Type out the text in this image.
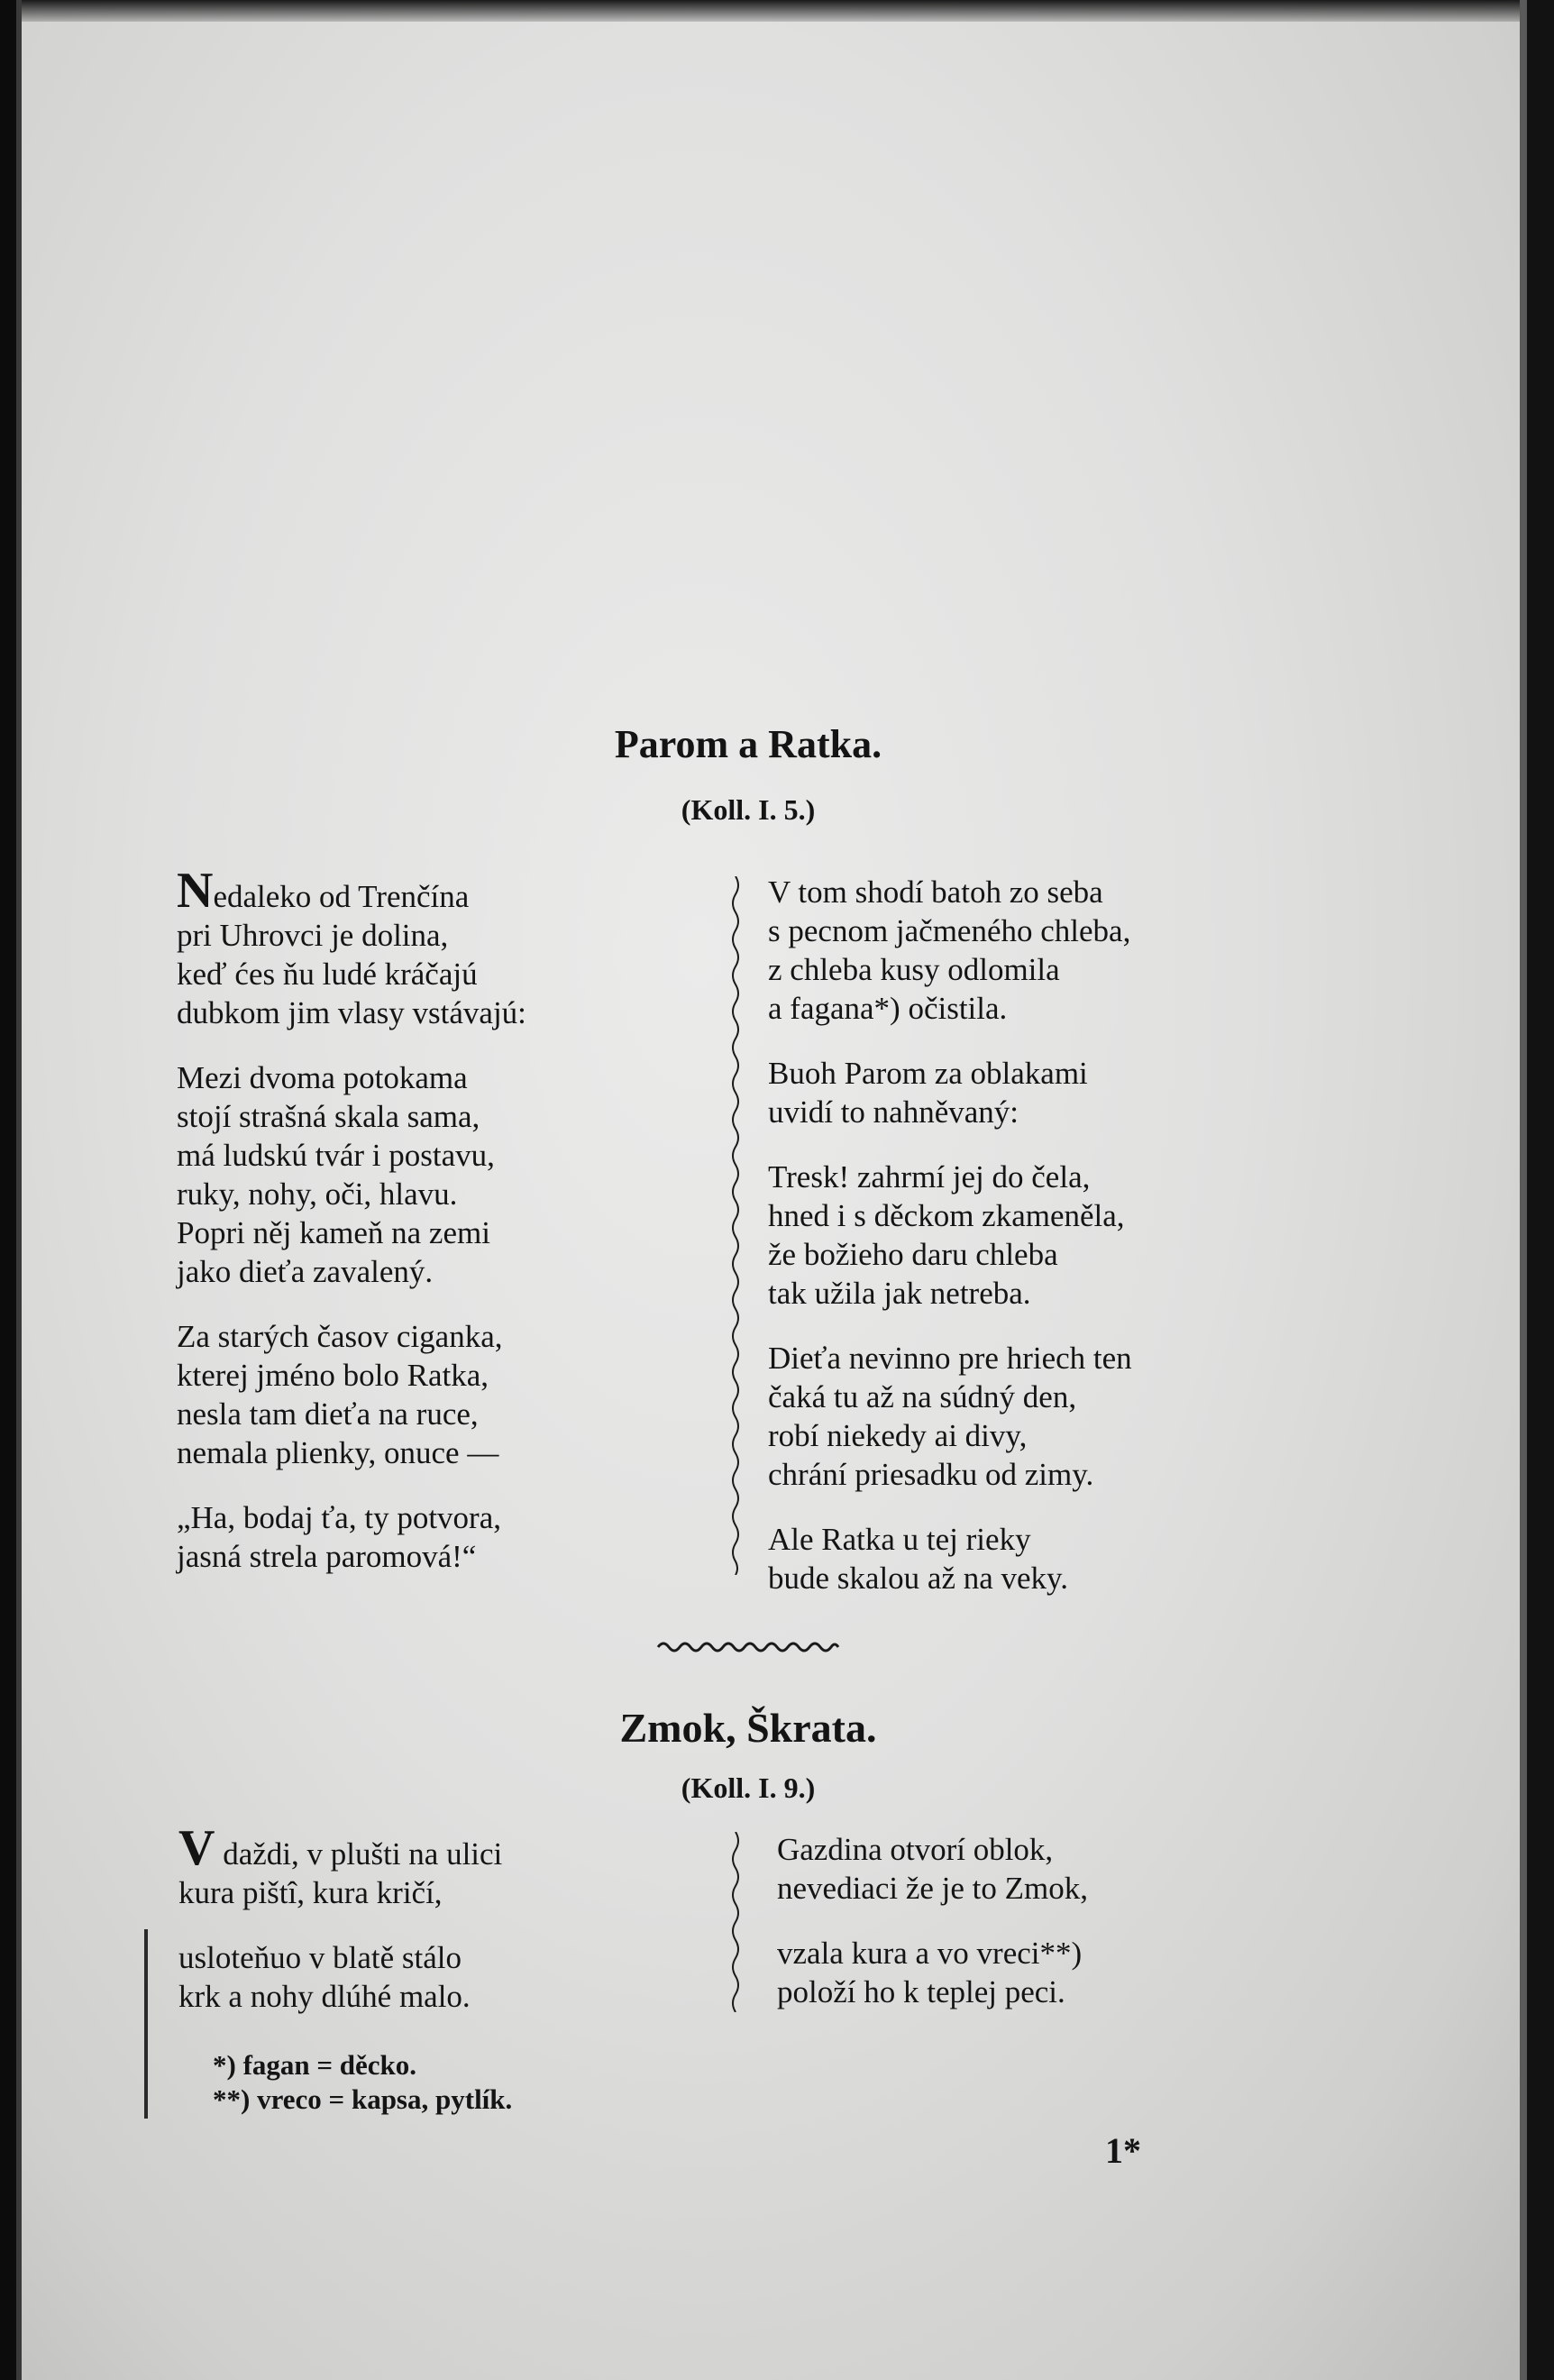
Parom a Ratka.
(Koll. I. 5.)
Nedaleko od Trenčína
pri Uhrovci je dolina,
keď ćes ňu ludé kráčajú
dubkom jim vlasy vstávajú:
Mezi dvoma potokama
stojí strašná skala sama,
má ludskú tvár i postavu,
ruky, nohy, oči, hlavu.
Popri něj kameň na zemi
jako dieťa zavalený.
Za starých časov ciganka,
kterej jméno bolo Ratka,
nesla tam dieťa na ruce,
nemala plienky, onuce —
„Ha, bodaj ťa, ty potvora,
jasná strela paromová!“
V tom shodí batoh zo seba
s pecnom jačmeného chleba,
z chleba kusy odlomila
a fagana*) očistila.
Buoh Parom za oblakami
uvidí to nahněvaný:
Tresk! zahrmí jej do čela,
hned i s děckom zkameněla,
že božieho daru chleba
tak užila jak netreba.
Dieťa nevinno pre hriech ten
čaká tu až na súdný den,
robí niekedy ai divy,
chrání priesadku od zimy.
Ale Ratka u tej rieky
bude skalou až na veky.
Zmok, Škrata.
(Koll. I. 9.)
V daždi, v plušti na ulici
kura pištî, kura kričí,
usloteňuo v blatě stálo
krk a nohy dlúhé malo.
Gazdina otvorí oblok,
nevediaci že je to Zmok,
vzala kura a vo vreci**)
položí ho k teplej peci.
*) fagan = děcko.
**) vreco = kapsa, pytlík.
1*
